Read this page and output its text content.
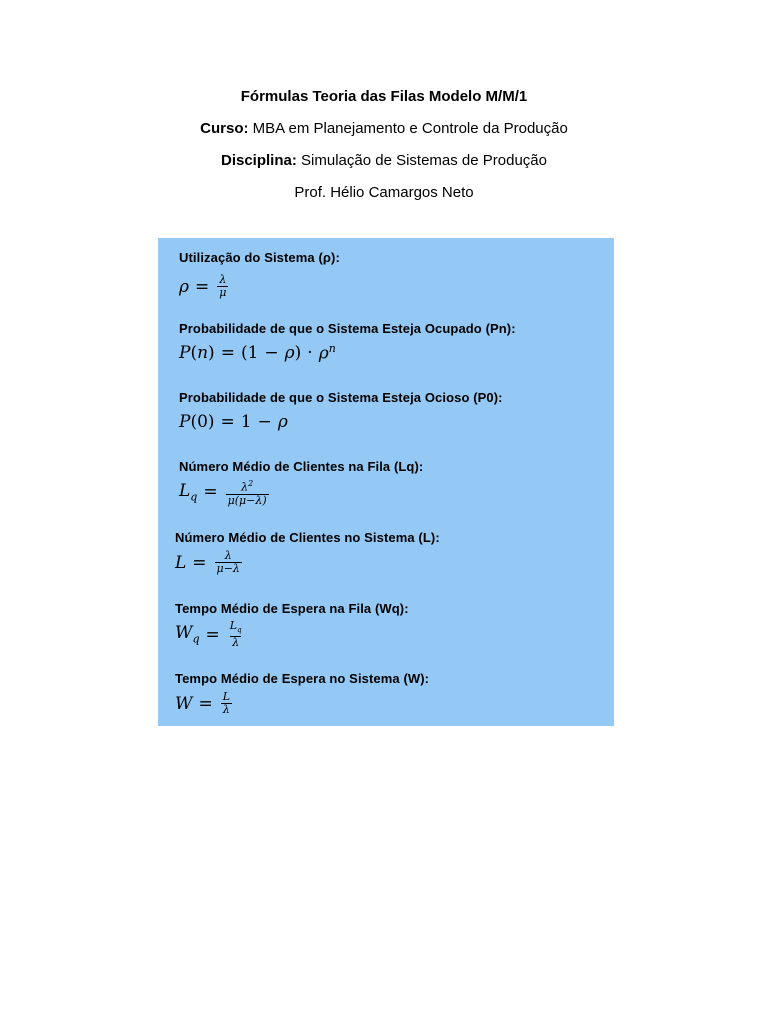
Fórmulas Teoria das Filas Modelo M/M/1
Curso: MBA em Planejamento e Controle da Produção
Disciplina: Simulação de Sistemas de Produção
Prof. Hélio Camargos Neto
Utilização do Sistema (ρ):
$\rho = \frac{\lambda}{\mu}$
Probabilidade de que o Sistema Esteja Ocupado (Pn):
P ( n ) = (1 − ρ ) · $\rho^n$
Probabilidade de que o Sistema Esteja Ocioso (P0):
P (0) = 1 − ρ
Número Médio de Clientes na Fila (Lq):
$L_q = \frac{\lambda^2}{\mu(\mu-\lambda)}$
Número Médio de Clientes no Sistema (L):
$L = \frac{\lambda}{\mu-\lambda}$
Tempo Médio de Espera na Fila (Wq):
$W_q = \frac{L_q}{\lambda}$
Tempo Médio de Espera no Sistema (W):
$W = \frac{L}{\lambda}$
